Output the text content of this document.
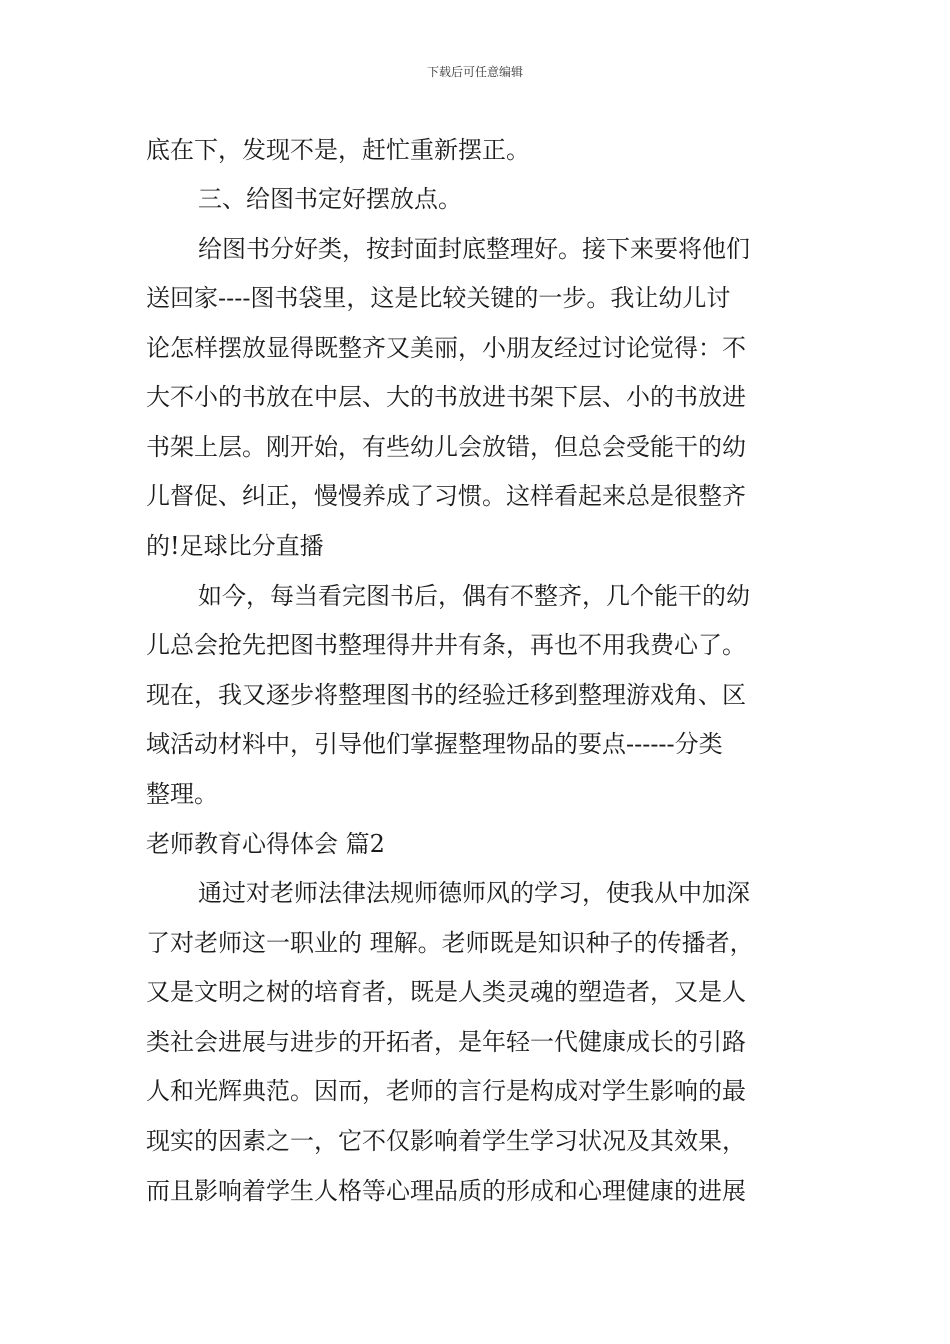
下载后可任意编辑
底在下，发现不是，赶忙重新摆正。
三、给图书定好摆放点。
给图书分好类，按封面封底整理好。接下来要将他们
送回家----图书袋里，这是比较关键的一步。我让幼儿讨
论怎样摆放显得既整齐又美丽，小朋友经过讨论觉得：不
大不小的书放在中层、大的书放进书架下层、小的书放进
书架上层。刚开始，有些幼儿会放错，但总会受能干的幼
儿督促、纠正，慢慢养成了习惯。这样看起来总是很整齐
的!足球比分直播
如今，每当看完图书后，偶有不整齐，几个能干的幼
儿总会抢先把图书整理得井井有条，再也不用我费心了。
现在，我又逐步将整理图书的经验迁移到整理游戏角、区
域活动材料中，引导他们掌握整理物品的要点------分类
整理。
老师教育心得体会 篇2
通过对老师法律法规师德师风的学习，使我从中加深
了对老师这一职业的 理解。老师既是知识种子的传播者，
又是文明之树的培育者，既是人类灵魂的塑造者，又是人
类社会进展与进步的开拓者，是年轻一代健康成长的引路
人和光辉典范。因而，老师的言行是构成对学生影响的最
现实的因素之一，它不仅影响着学生学习状况及其效果，
而且影响着学生人格等心理品质的形成和心理健康的进展
